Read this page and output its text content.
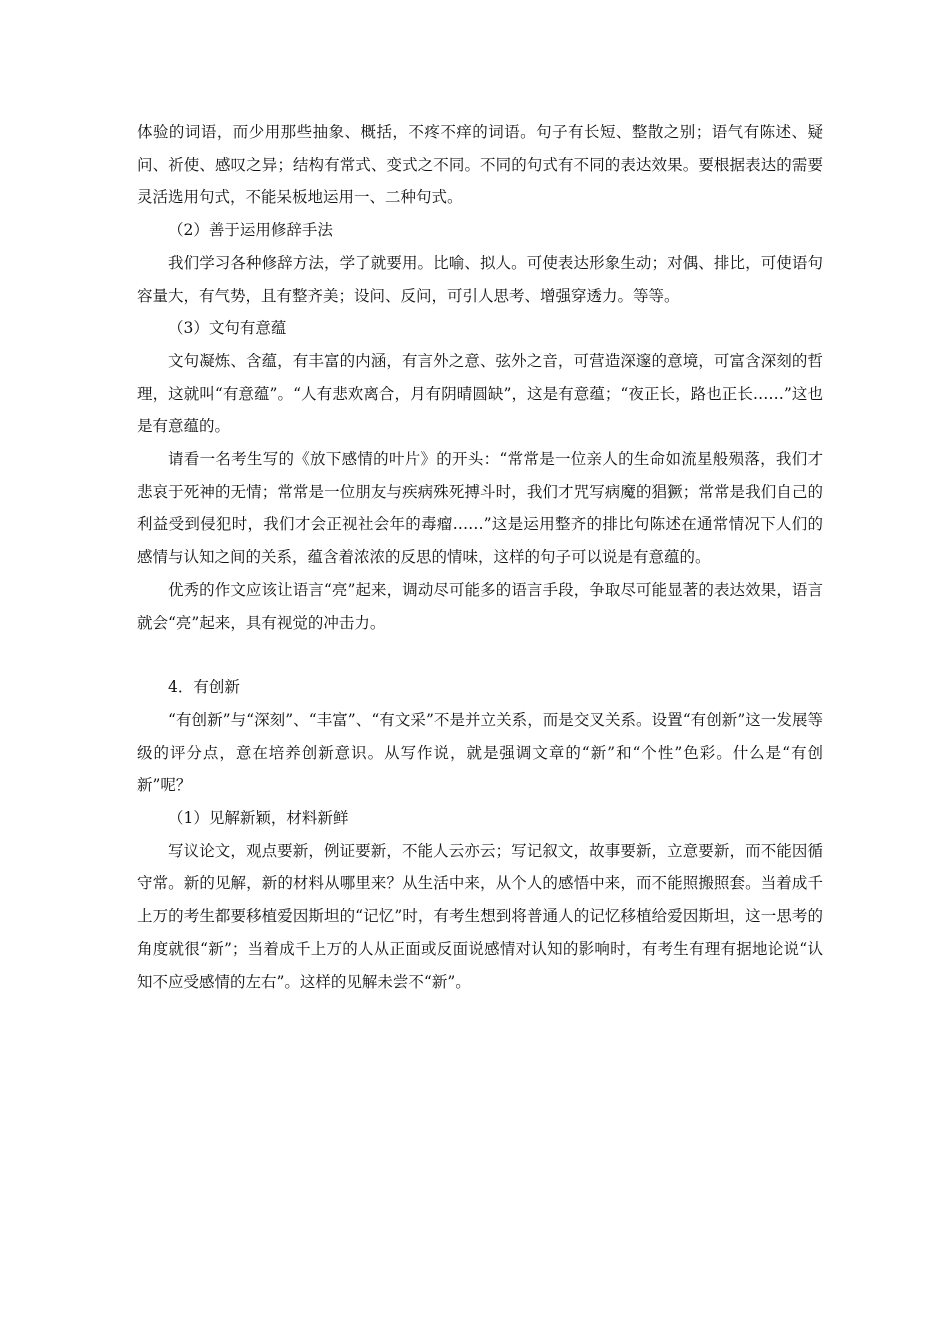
体验的词语，而少用那些抽象、概括，不疼不痒的词语。句子有长短、整散之别；语气有陈述、疑问、祈使、感叹之异；结构有常式、变式之不同。不同的句式有不同的表达效果。要根据表达的需要灵活选用句式，不能呆板地运用一、二种句式。

（2）善于运用修辞手法

我们学习各种修辞方法，学了就要用。比喻、拟人。可使表达形象生动；对偶、排比，可使语句容量大，有气势，且有整齐美；设问、反问，可引人思考、增强穿透力。等等。

（3）文句有意蕴

文句凝炼、含蕴，有丰富的内涵，有言外之意、弦外之音，可营造深邃的意境，可富含深刻的哲理，这就叫“有意蕴”。“人有悲欢离合，月有阴晴圆缺”，这是有意蕴；“夜正长，路也正长……”这也是有意蕴的。

请看一名考生写的《放下感情的叶片》的开头：“常常是一位亲人的生命如流星般殒落，我们才悲哀于死神的无情；常常是一位朋友与疾病殊死搏斗时，我们才咒写病魔的猖獗；常常是我们自己的利益受到侵犯时，我们才会正视社会年的毒瘤……”这是运用整齐的排比句陈述在通常情况下人们的感情与认知之间的关系，蕴含着浓浓的反思的情味，这样的句子可以说是有意蕴的。

优秀的作文应该让语言“亮”起来，调动尽可能多的语言手段，争取尽可能显著的表达效果，语言就会“亮”起来，具有视觉的冲击力。

4．有创新

“有创新”与“深刻”、“丰富”、“有文采”不是并立关系，而是交叉关系。设置“有创新”这一发展等级的评分点，意在培养创新意识。从写作说，就是强调文章的“新”和“个性”色彩。什么是“有创新”呢？

（1）见解新颖，材料新鲜

写议论文，观点要新，例证要新，不能人云亦云；写记叙文，故事要新，立意要新，而不能因循守常。新的见解，新的材料从哪里来？从生活中来，从个人的感悟中来，而不能照搬照套。当着成千上万的考生都要移植爱因斯坦的“记忆”时，有考生想到将普通人的记忆移植给爱因斯坦，这一思考的角度就很“新”；当着成千上万的人从正面或反面说感情对认知的影响时，有考生有理有据地论说“认知不应受感情的左右”。这样的见解未尝不“新”。
